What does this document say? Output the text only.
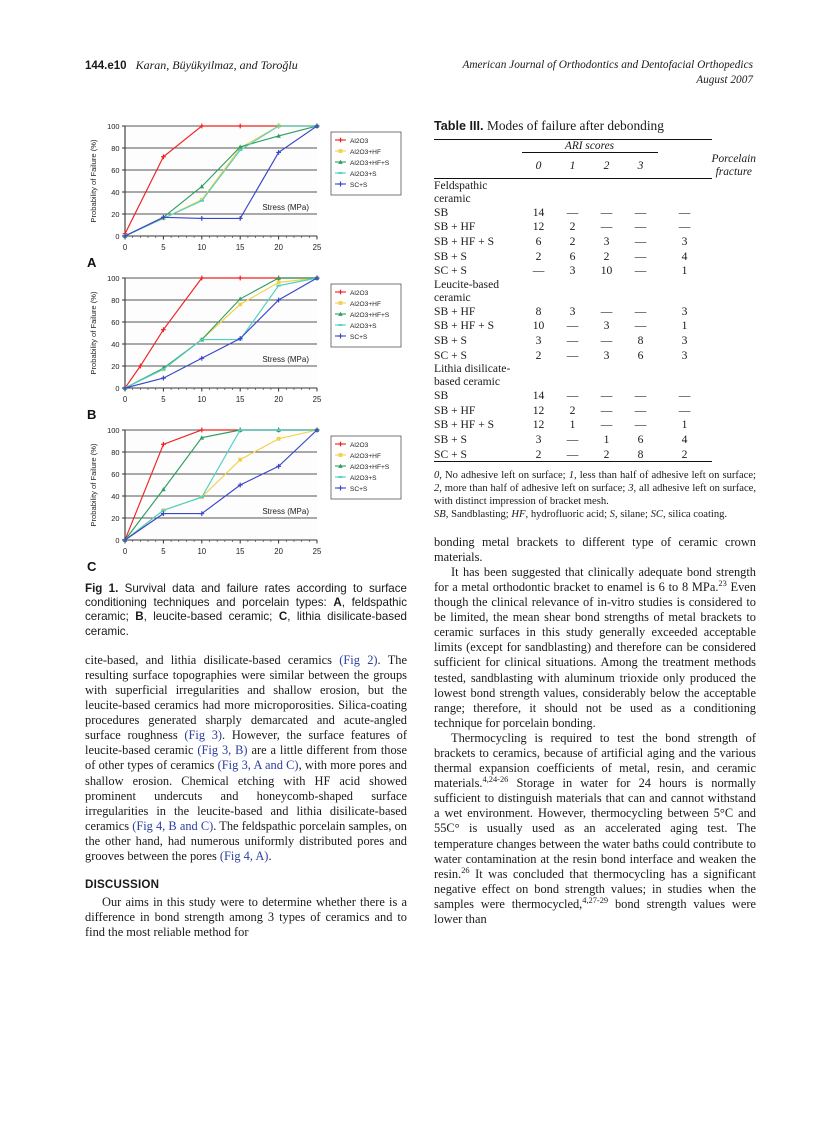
144.e10 Karan, Büyükyilmaz, and Toroğlu	American Journal of Orthodontics and Dentofacial Orthopedics
August 2007
0
20
40
60
80
100
0	5	10	15	20	25
Probability of Failure (%)	Stress (MPa)
Al2O3
Al2O3+HF
Al2O3+HF+S
Al2O3+S
SC+S
A
0
20
40
60
80
100
0	5	10	15	20	25
Probability of Failure (%)	Stress (MPa)
Al2O3
Al2O3+HF
Al2O3+HF+S
Al2O3+S
SC+S
B
0
20
40
60
80
100
0	5	10	15	20	25
Probability of Failure (%)	Stress (MPa)
Al2O3
Al2O3+HF
Al2O3+HF+S
Al2O3+S
SC+S
C
Fig 1. Survival data and failure rates according to surface conditioning techniques and porcelain types: A, feldspathic ceramic; B, leucite-based ceramic; C, lithia disilicate-based ceramic.

cite-based, and lithia disilicate-based ceramics (Fig 2). The resulting surface topographies were similar between the groups with superficial irregularities and shallow erosion, but the leucite-based ceramics had more microporosities. Silica-coating procedures generated sharply demarcated and acute-angled surface roughness (Fig 3). However, the surface features of leucite-based ceramic (Fig 3, B) are a little different from those of other types of ceramics (Fig 3, A and C), with more pores and shallow erosion. Chemical etching with HF acid showed prominent undercuts and honeycomb-shaped surface irregularities in the leucite-based and lithia disilicate-based ceramics (Fig 4, B and C). The feldspathic porcelain samples, on the other hand, had numerous uniformly distributed pores and grooves between the pores (Fig 4, A).

DISCUSSION

Our aims in this study were to determine whether there is a difference in bond strength among 3 types of ceramics and to find the most reliable method for

Table III. Modes of failure after debonding
	ARI scores					
	0	1	2	3		Porcelain
fracture

Feldspathic ceramic						
SB	14	—	—	—	—	
SB + HF	12	2	—	—	—	
SB + HF + S	6	2	3	—	3	
SB + S	2	6	2	—	4	
SC + S	—	3	10	—	1	
Leucite-based ceramic						
SB + HF	8	3	—	—	3	
SB + HF + S	10	—	3	—	1	
SB + S	3	—	—	8	3	
SC + S	2	—	3	6	3	
Lithia disilicate-based ceramic						
SB	14	—	—	—	—	
SB + HF	12	2	—	—	—	
SB + HF + S	12	1	—	—	1	
SB + S	3	—	1	6	4	
SC + S	2	—	2	8	2	

0, No adhesive left on surface; 1, less than half of adhesive left on surface; 2, more than half of adhesive left on surface; 3, all adhesive left on surface, with distinct impression of bracket mesh.
SB, Sandblasting; HF, hydrofluoric acid; S, silane; SC, silica coating.

bonding metal brackets to different type of ceramic crown materials.

It has been suggested that clinically adequate bond strength for a metal orthodontic bracket to enamel is 6 to 8 MPa.$^{23}$ Even though the clinical relevance of in-vitro studies is considered to be limited, the mean shear bond strengths of metal brackets to ceramic surfaces in this study generally exceeded acceptable limits (except for sandblasting) and therefore can be considered sufficient for clinical situations. Among the treatment methods tested, sandblasting with aluminum trioxide only produced the lowest bond strength values, considerably below the acceptable range; therefore, it should not be used as a conditioning technique for porcelain bonding.

Thermocycling is required to test the bond strength of brackets to ceramics, because of artificial aging and the various thermal expansion coefficients of metal, resin, and ceramic materials.$^{4,24-26}$ Storage in water for 24 hours is normally sufficient to distinguish materials that can and cannot withstand a wet environment. However, thermocycling between 5°C and 55C° is usually used as an accelerated aging test. The temperature changes between the water baths could contribute to water contamination at the resin bond interface and weaken the resin.$^{26}$ It was concluded that thermocycling has a significant negative effect on bond strength values; in studies when the samples were thermocycled,$^{4,27-29}$ bond strength values were lower than
